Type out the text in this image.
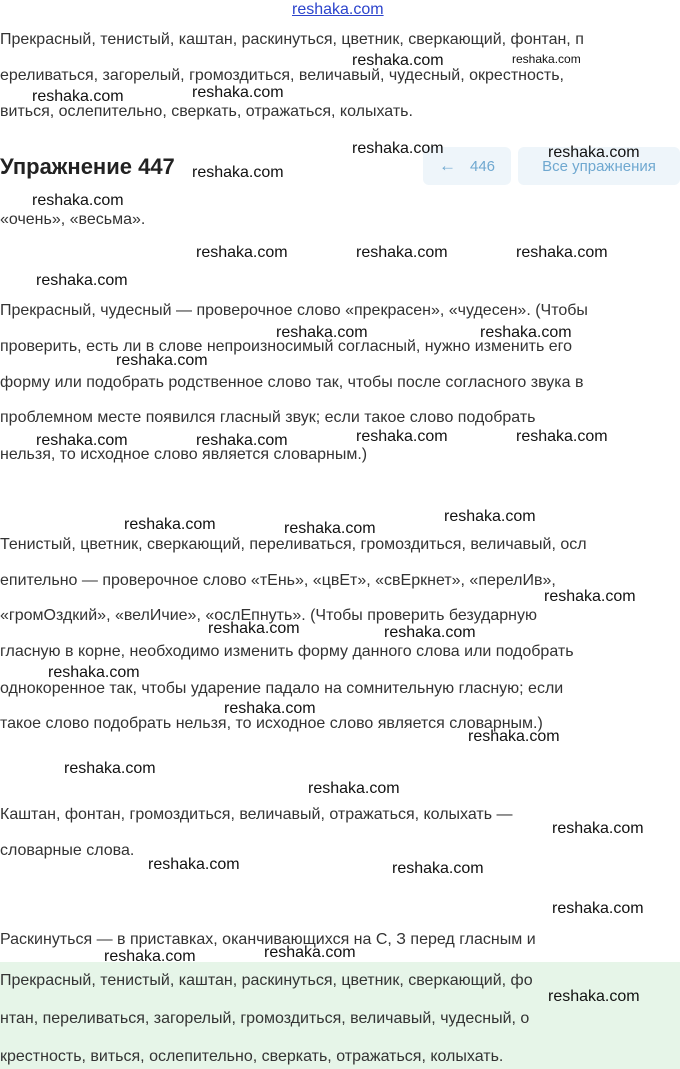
reshaka.com

Прекрасный, тенистый, каштан, раскинуться, цветник, сверкающий, фонтан, п

ереливаться, загорелый, громоздиться, величавый, чудесный, окрестность,

виться, ослепительно, сверкать, отражаться, колыхать.

Упражнение 447	← 446	Все упражнения

«очень», «весьма».

Прекрасный, чудесный — проверочное слово «прекрасен», «чудесен». (Чтобы

проверить, есть ли в слове непроизносимый согласный, нужно изменить его

форму или подобрать родственное слово так, чтобы после согласного звука в

проблемном месте появился гласный звук; если такое слово подобрать

нельзя, то исходное слово является словарным.)

Тенистый, цветник, сверкающий, переливаться, громоздиться, величавый, осл

епительно — проверочное слово «тЕнь», «цвЕт», «свЕркнет», «перелИв»,

«громОздкий», «велИчие», «ослЕпнуть». (Чтобы проверить безударную

гласную в корне, необходимо изменить форму данного слова или подобрать

однокоренное так, чтобы ударение падало на сомнительную гласную; если

такое слово подобрать нельзя, то исходное слово является словарным.)

Каштан, фонтан, громоздиться, величавый, отражаться, колыхать —

словарные слова.

Раскинуться — в приставках, оканчивающихся на С, З перед гласным и

Прекрасный, тенистый, каштан, раскинуться, цветник, сверкающий, фо

нтан, переливаться, загорелый, громоздиться, величавый, чудесный, о

крестность, виться, ослепительно, сверкать, отражаться, колыхать.

reshaka.com	reshaka.com
reshaka.com	reshaka.com
reshaka.com	reshaka.com
reshaka.com
reshaka.com
reshaka.com	reshaka.com	reshaka.com
reshaka.com
reshaka.com	reshaka.com
reshaka.com
reshaka.com	reshaka.com	reshaka.com	reshaka.com
reshaka.com	reshaka.com
reshaka.com
reshaka.com
reshaka.com	reshaka.com
reshaka.com
reshaka.com
reshaka.com
reshaka.com
reshaka.com
reshaka.com
reshaka.com	reshaka.com
reshaka.com
reshaka.com	reshaka.com
reshaka.com
